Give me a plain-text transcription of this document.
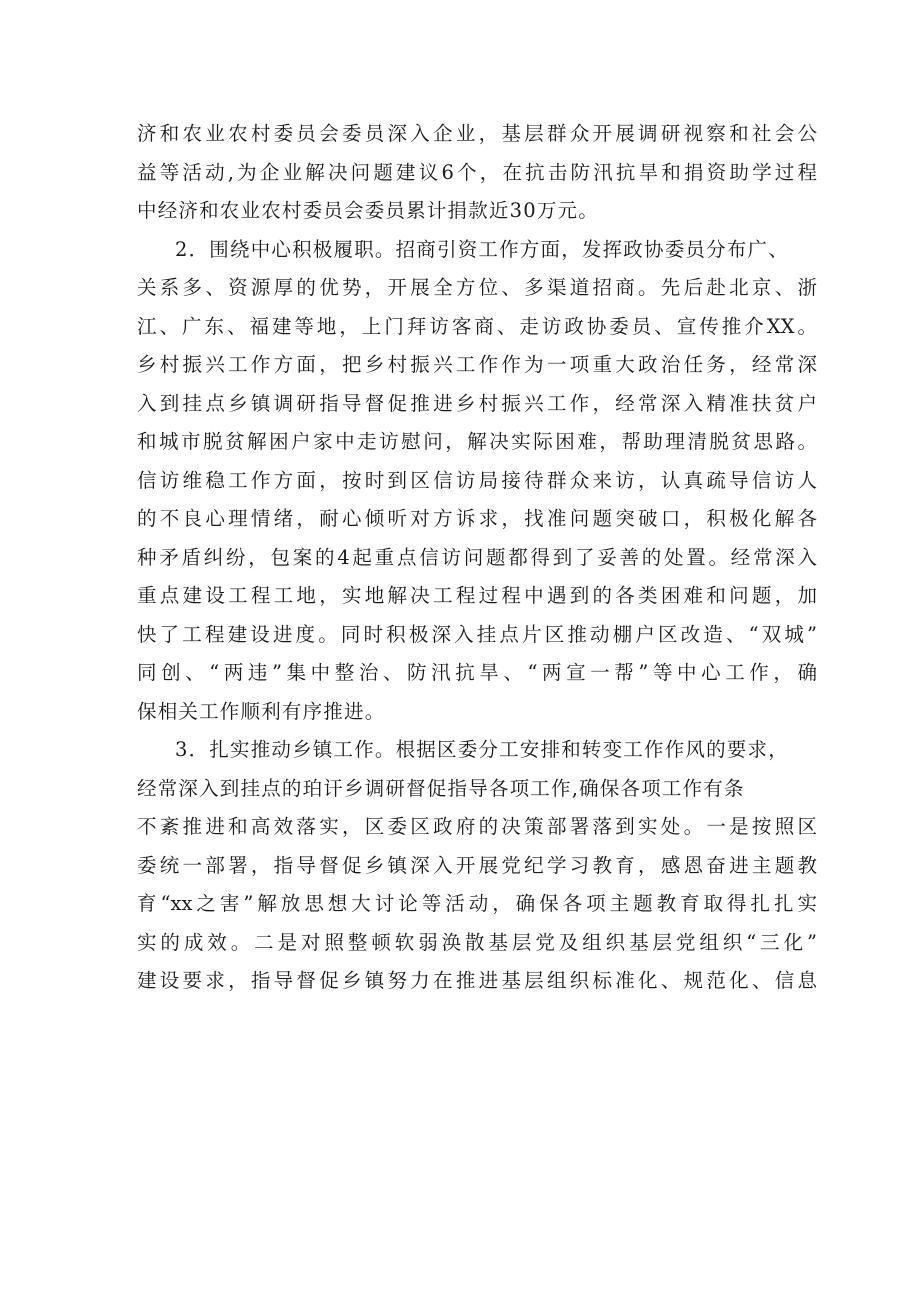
济和农业农村委员会委员深入企业，基层群众开展调研视察和社会公
益等活动,为企业解决问题建议6个，在抗击防汛抗旱和捐资助学过程
中经济和农业农村委员会委员累计捐款近30万元。
2．围绕中心积极履职。招商引资工作方面，发挥政协委员分布广、
关系多、资源厚的优势，开展全方位、多渠道招商。先后赴北京、浙
江、广东、福建等地，上门拜访客商、走访政协委员、宣传推介XX。
乡村振兴工作方面，把乡村振兴工作作为一项重大政治任务，经常深
入到挂点乡镇调研指导督促推进乡村振兴工作，经常深入精准扶贫户
和城市脱贫解困户家中走访慰问，解决实际困难，帮助理清脱贫思路。
信访维稳工作方面，按时到区信访局接待群众来访，认真疏导信访人
的不良心理情绪，耐心倾听对方诉求，找准问题突破口，积极化解各
种矛盾纠纷，包案的4起重点信访问题都得到了妥善的处置。经常深入
重点建设工程工地，实地解决工程过程中遇到的各类困难和问题，加
快了工程建设进度。同时积极深入挂点片区推动棚户区改造、“双城”
同创、“两违”集中整治、防汛抗旱、“两宣一帮”等中心工作，确
保相关工作顺利有序推进。
3．扎实推动乡镇工作。根据区委分工安排和转变工作作风的要求，
经常深入到挂点的珀讦乡调研督促指导各项工作,确保各项工作有条
不紊推进和高效落实，区委区政府的决策部署落到实处。一是按照区
委统一部署，指导督促乡镇深入开展党纪学习教育，感恩奋进主题教
育“xx之害”解放思想大讨论等活动，确保各项主题教育取得扎扎实
实的成效。二是对照整顿软弱涣散基层党及组织基层党组织“三化”
建设要求，指导督促乡镇努力在推进基层组织标准化、规范化、信息
